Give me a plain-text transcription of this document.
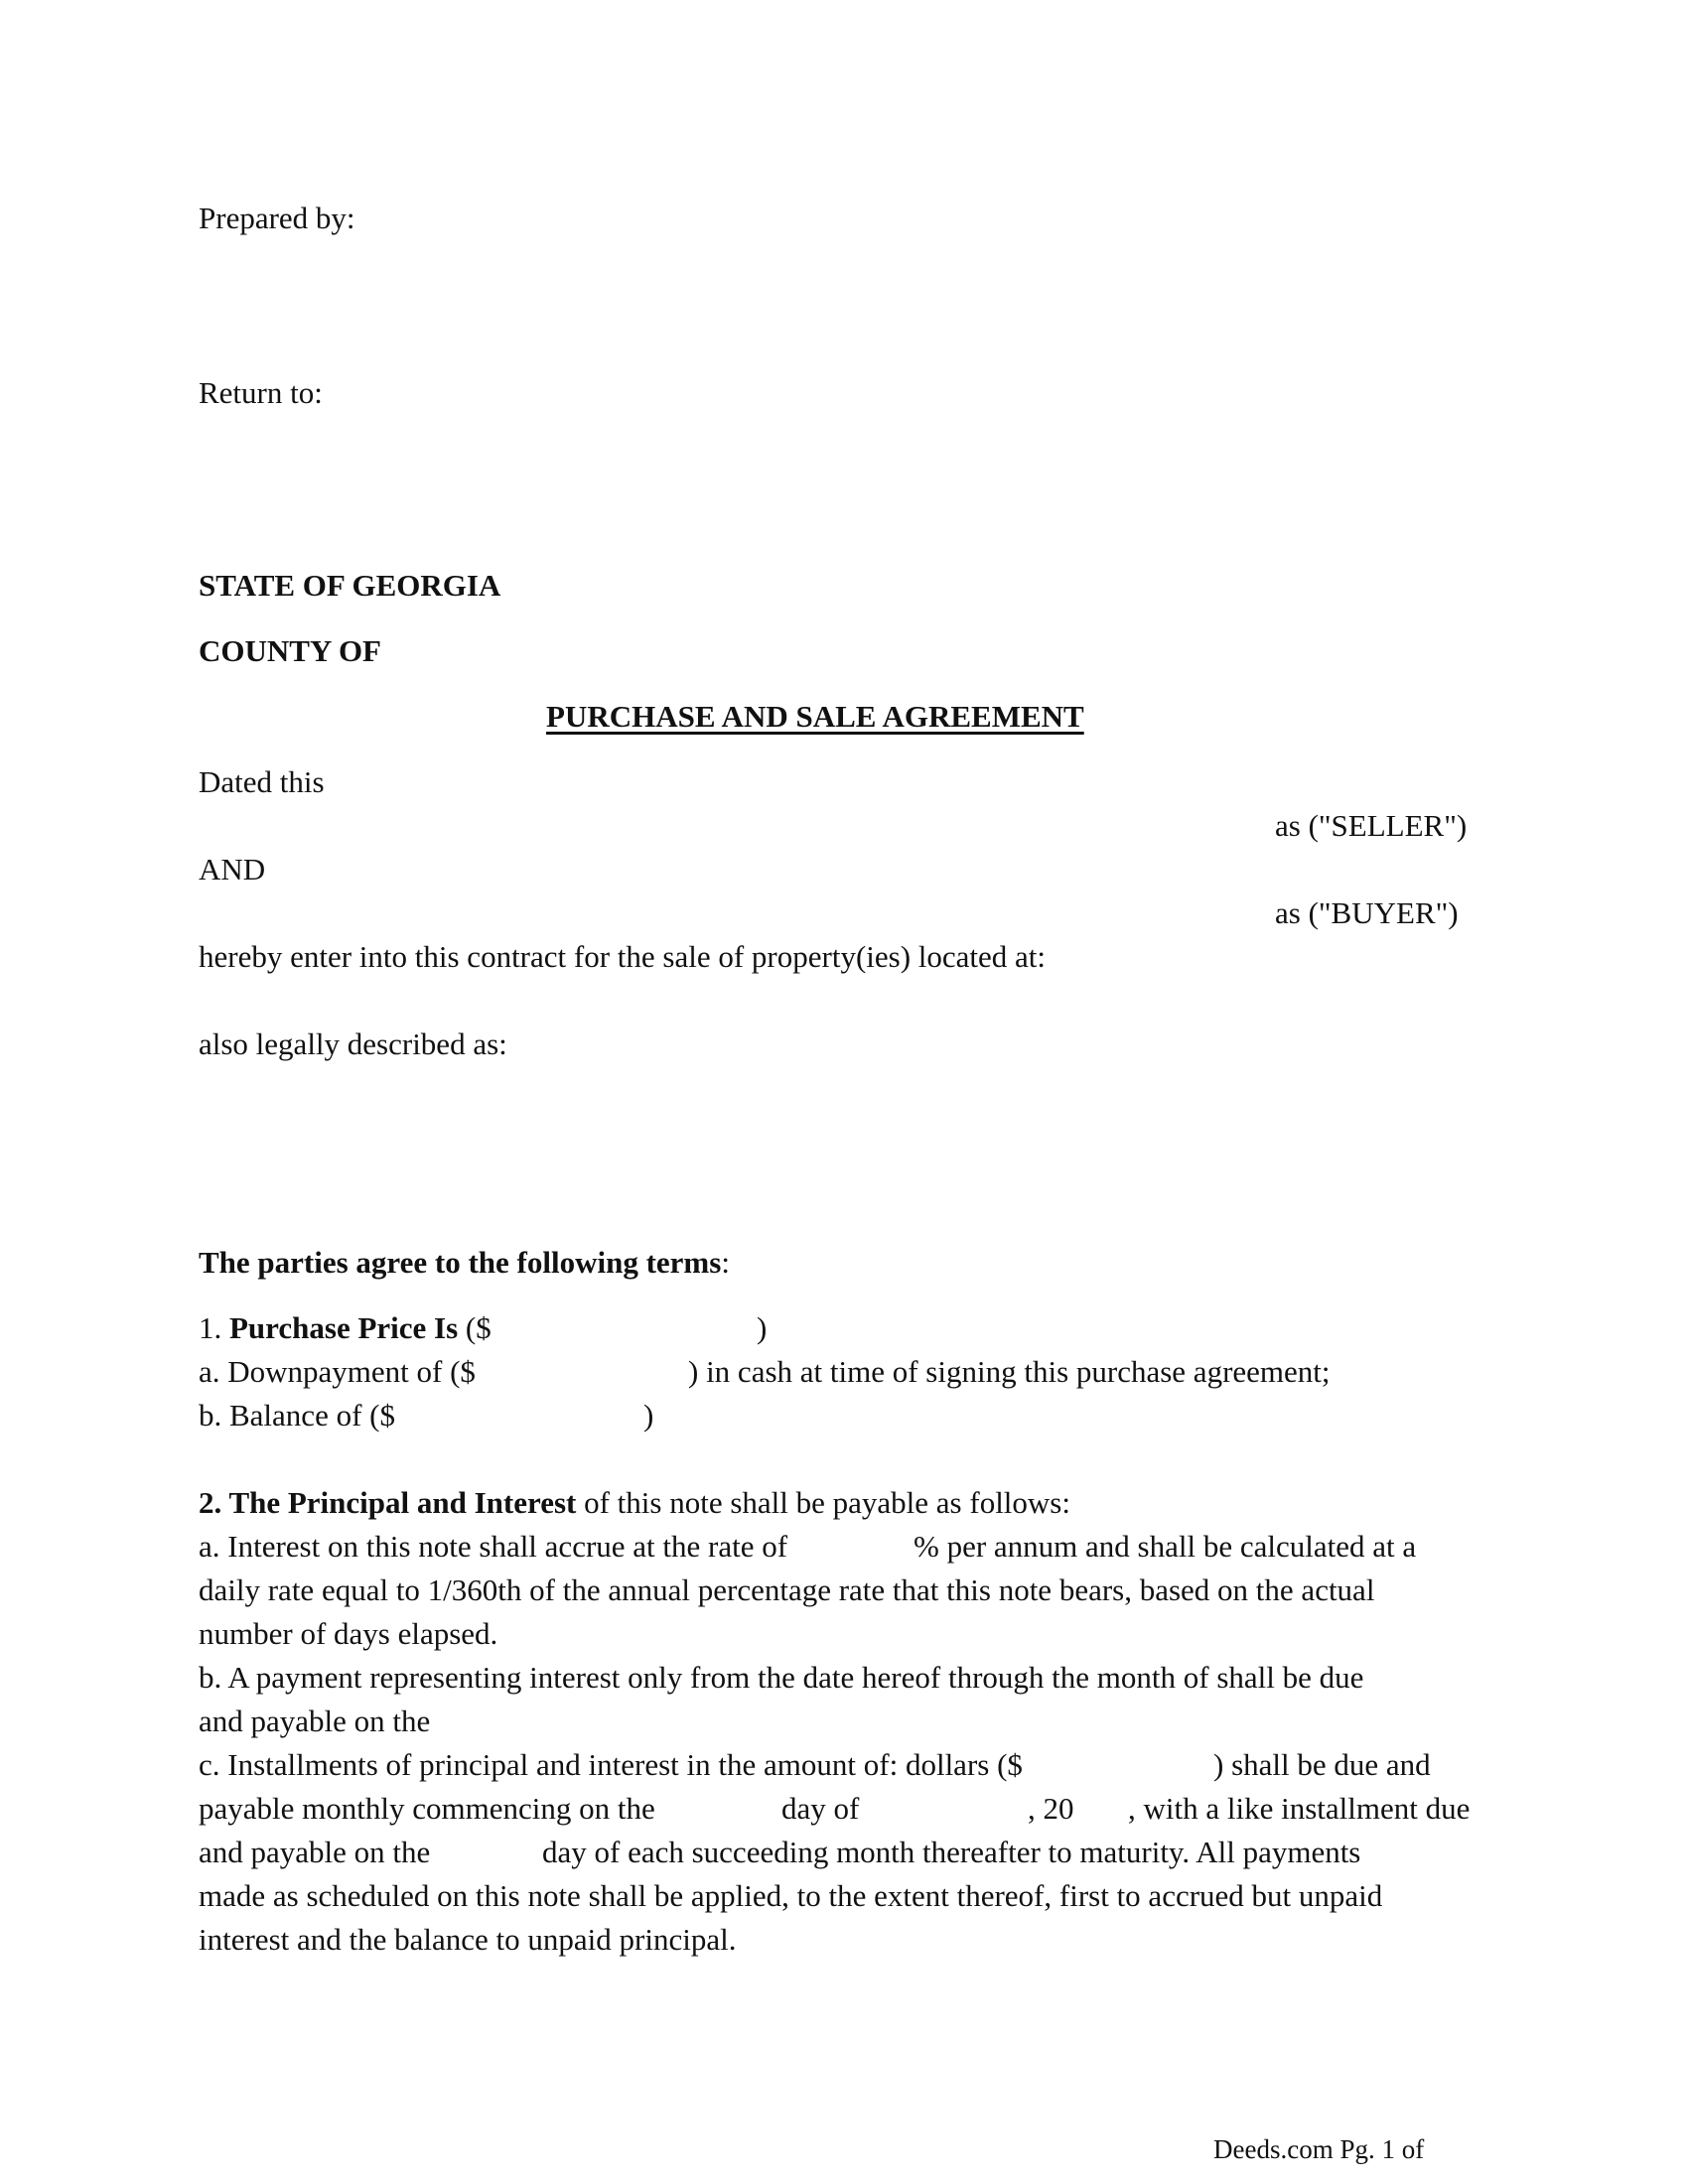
Prepared by:
Return to:
STATE OF GEORGIA
COUNTY OF
PURCHASE AND SALE AGREEMENT
Dated this
as ("SELLER")
AND
as ("BUYER")
hereby enter into this contract for the sale of property(ies) located at:
also legally described as:
The parties agree to the following terms:
1. Purchase Price Is ($	)
a. Downpayment of ($	) in cash at time of signing this purchase agreement;
b. Balance of ($	)
2. The Principal and Interest of this note shall be payable as follows:
a. Interest on this note shall accrue at the rate of	% per annum and shall be calculated at a
daily rate equal to 1/360th of the annual percentage rate that this note bears, based on the actual
number of days elapsed.
b. A payment representing interest only from the date hereof through the month of shall be due
and payable on the
c. Installments of principal and interest in the amount of: dollars ($	) shall be due and
payable monthly commencing on the	day of	, 20 , with a like installment due
and payable on the	day of each succeeding month thereafter to maturity. All payments
made as scheduled on this note shall be applied, to the extent thereof, first to accrued but unpaid
interest and the balance to unpaid principal.
Deeds.com Pg. 1 of
